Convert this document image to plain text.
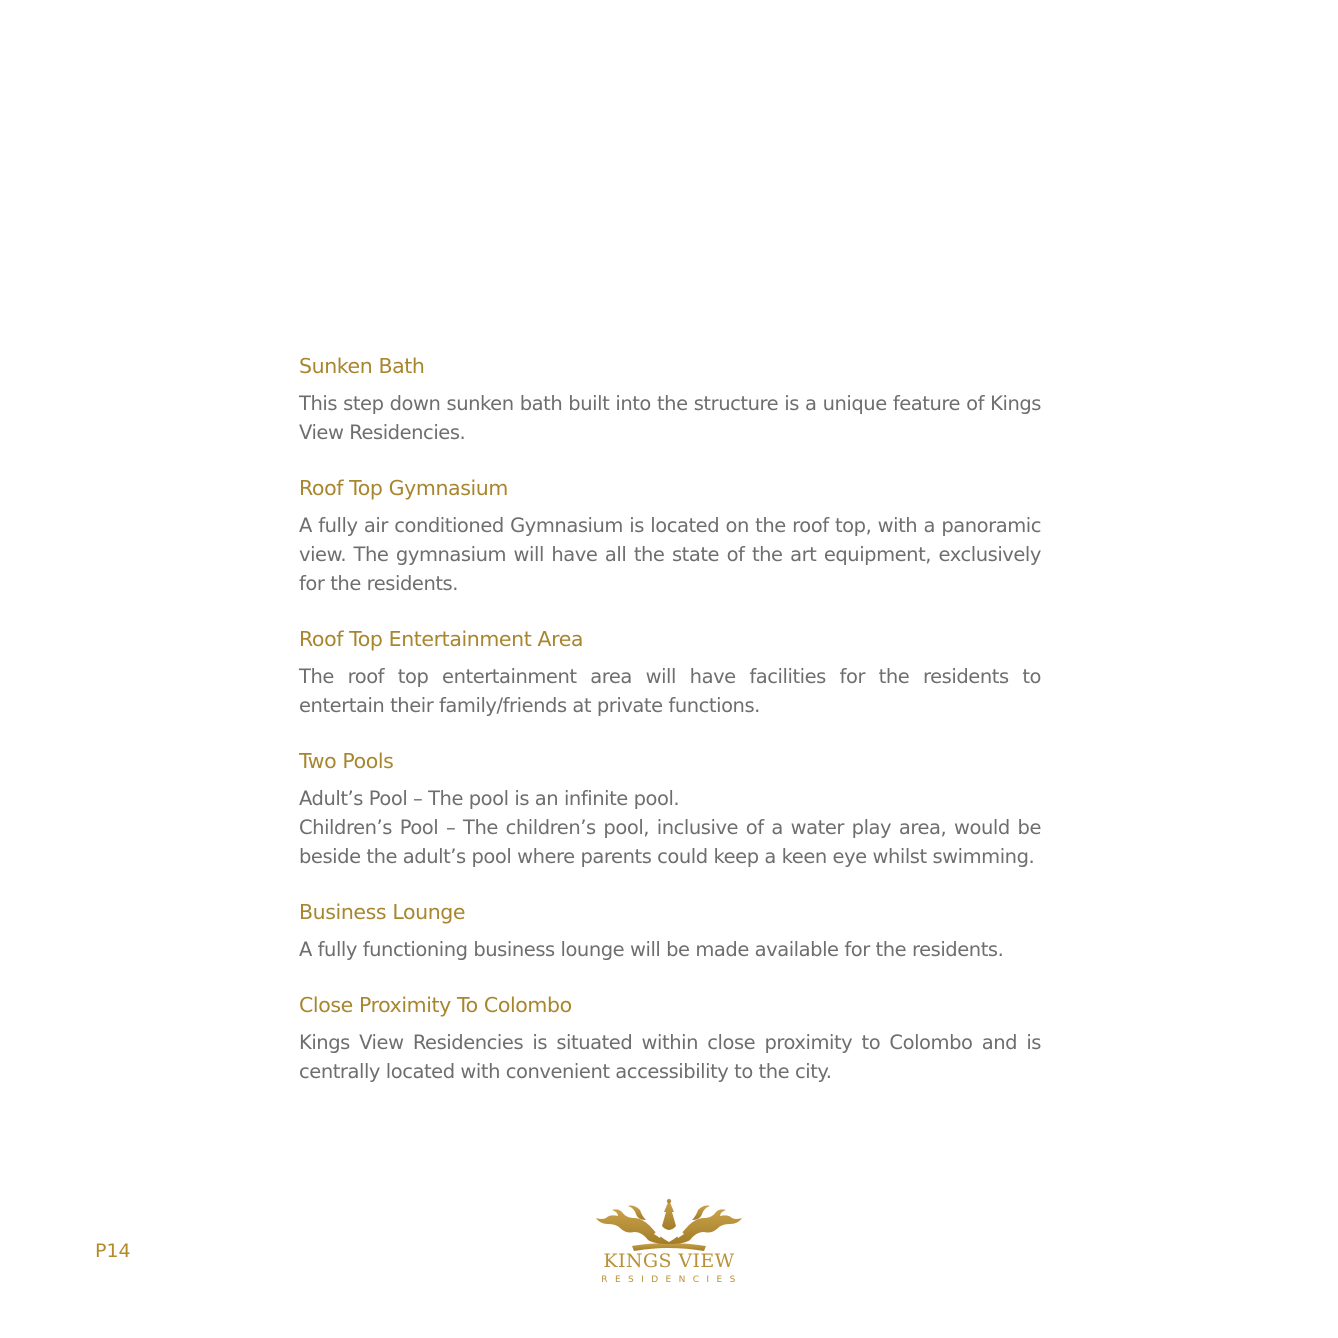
Sunken Bath

This step down sunken bath built into the structure is a unique feature of Kings View Residencies.

Roof Top Gymnasium

A fully air conditioned Gymnasium is located on the roof top, with a panoramic view. The gymnasium will have all the state of the art equipment, exclusively for the residents.

Roof Top Entertainment Area

The roof top entertainment area will have facilities for the residents to entertain their family/friends at private functions.

Two Pools

Adult’s Pool – The pool is an infinite pool.

Children’s Pool – The children’s pool, inclusive of a water play area, would be beside the adult’s pool where parents could keep a keen eye whilst swimming.

Business Lounge

A fully functioning business lounge will be made available for the residents.

Close Proximity To Colombo

Kings View Residencies is situated within close proximity to Colombo and is centrally located with convenient accessibility to the city.

P14	KINGS VIEW
RESIDENCIES
